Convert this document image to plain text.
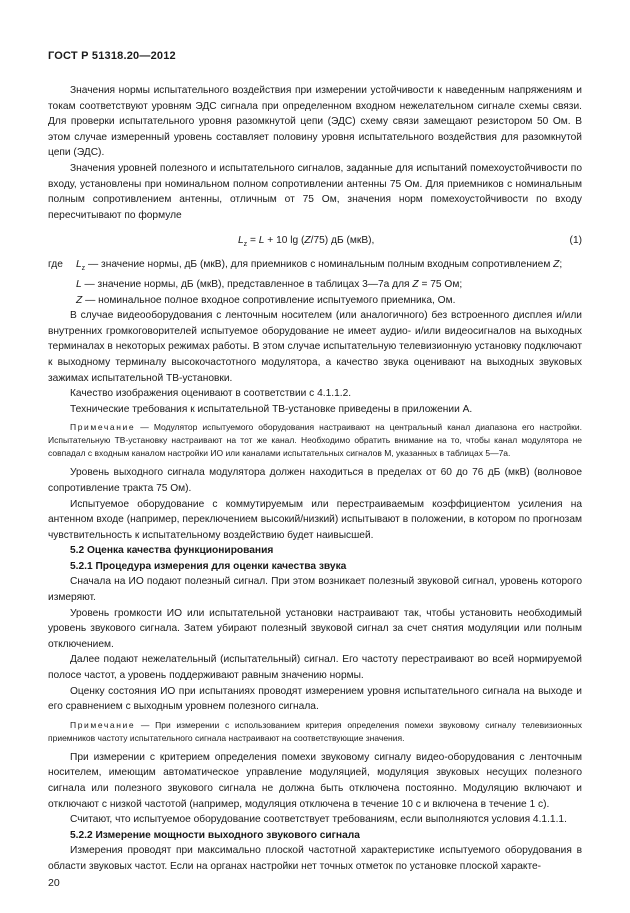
ГОСТ Р 51318.20—2012

Значения нормы испытательного воздействия при измерении устойчивости к наведенным напряжениям и токам соответствуют уровням ЭДС сигнала при определенном входном нежелательном сигнале схемы связи. Для проверки испытательного уровня разомкнутой цепи (ЭДС) схему связи замещают резистором 50 Ом. В этом случае измеренный уровень составляет половину уровня испытательного воздействия для разомкнутой цепи (ЭДС).

Значения уровней полезного и испытательного сигналов, заданные для испытаний помехоустойчивости по входу, установлены при номинальном полном сопротивлении антенны 75 Ом. Для приемников с номинальным полным сопротивлением антенны, отличным от 75 Ом, значения норм помехоустойчивости по входу пересчитывают по формуле

$L_z = L + 10$ lg (Z/75) дБ (мкВ),	(1)
где	$L_z$ — значение нормы, дБ (мкВ), для приемников с номинальным полным входным сопротивлением Z;
L — значение нормы, дБ (мкВ), представленное в таблицах 3—7а для Z = 75 Ом;
Z — номинальное полное входное сопротивление испытуемого приемника, Ом.

В случае видеооборудования с ленточным носителем (или аналогичного) без встроенного дисплея и/или внутренних громкоговорителей испытуемое оборудование не имеет аудио- и/или видеосигналов на выходных терминалах в некоторых режимах работы. В этом случае испытательную телевизионную установку подключают к выходному терминалу высокочастотного модулятора, а качество звука оценивают на выходных звуковых зажимах испытательной ТВ-установки.

Качество изображения оценивают в соответствии с 4.1.1.2.

Технические требования к испытательной ТВ-установке приведены в приложении А.

Примечание — Модулятор испытуемого оборудования настраивают на центральный канал диапазона его настройки. Испытательную ТВ-установку настраивают на тот же канал. Необходимо обратить внимание на то, чтобы канал модулятора не совпадал с входным каналом настройки ИО или каналами испытательных сигналов М, указанных в таблицах 5—7а.

Уровень выходного сигнала модулятора должен находиться в пределах от 60 до 76 дБ (мкВ) (волновое сопротивление тракта 75 Ом).

Испытуемое оборудование с коммутируемым или перестраиваемым коэффициентом усиления на антенном входе (например, переключением высокий/низкий) испытывают в положении, в котором по прогнозам чувствительность к испытательному воздействию будет наивысшей.

5.2 Оценка качества функционирования

5.2.1 Процедура измерения для оценки качества звука

Сначала на ИО подают полезный сигнал. При этом возникает полезный звуковой сигнал, уровень которого измеряют.

Уровень громкости ИО или испытательной установки настраивают так, чтобы установить необходимый уровень звукового сигнала. Затем убирают полезный звуковой сигнал за счет снятия модуляции или полным отключением.

Далее подают нежелательный (испытательный) сигнал. Его частоту перестраивают во всей нормируемой полосе частот, а уровень поддерживают равным значению нормы.

Оценку состояния ИО при испытаниях проводят измерением уровня испытательного сигнала на выходе и его сравнением с выходным уровнем полезного сигнала.

Примечание — При измерении с использованием критерия определения помехи звуковому сигналу телевизионных приемников частоту испытательного сигнала настраивают на соответствующие значения.

При измерении с критерием определения помехи звуковому сигналу видео-оборудования с ленточным носителем, имеющим автоматическое управление модуляцией, модуляция звуковых несущих полезного сигнала или полезного звукового сигнала не должна быть отключена постоянно. Модуляцию включают и отключают с низкой частотой (например, модуляция отключена в течение 10 с и включена в течение 1 с).

Считают, что испытуемое оборудование соответствует требованиям, если выполняются условия 4.1.1.1.

5.2.2 Измерение мощности выходного звукового сигнала

Измерения проводят при максимально плоской частотной характеристике испытуемого оборудования в области звуковых частот. Если на органах настройки нет точных отметок по установке плоской характе-

20
